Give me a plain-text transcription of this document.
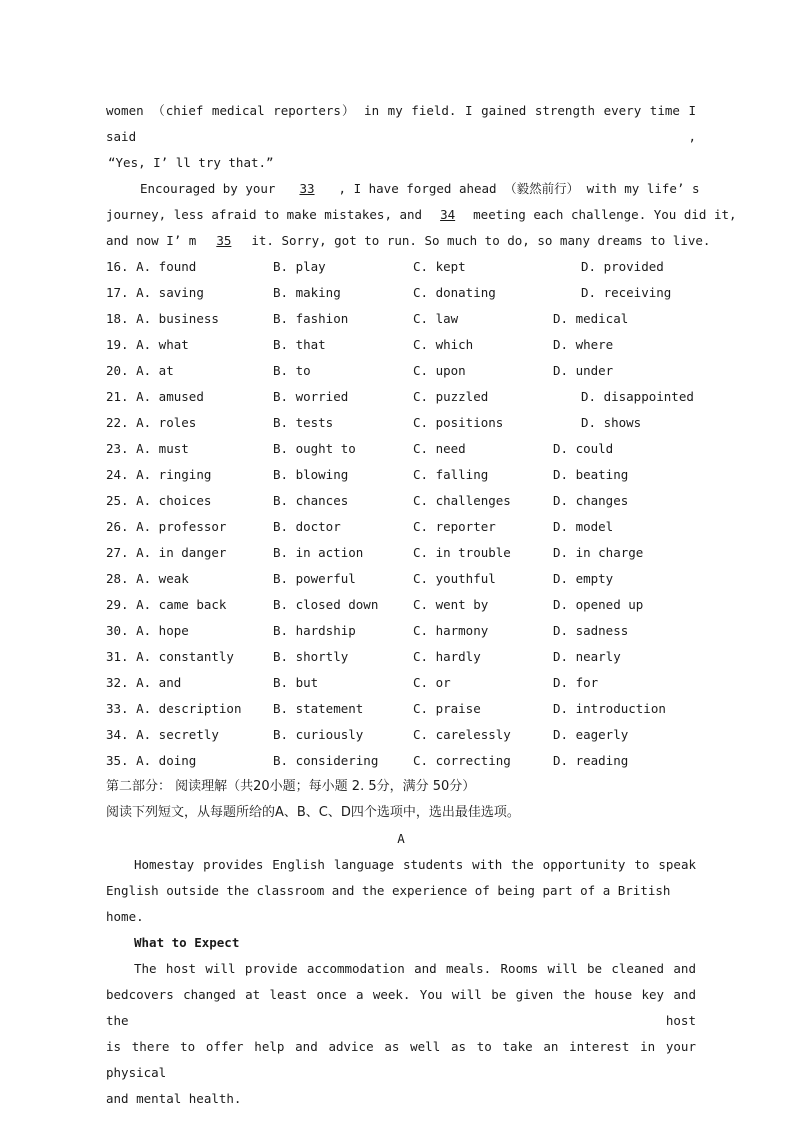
women （chief medical reporters） in my field. I gained strength every time I said ,
“Yes, I’ ll try that.”
Encouraged by your 33 , I have forged ahead （毅然前行） with my life’ s
journey, less afraid to make mistakes, and 34 meeting each challenge. You did it,
and now I’ m 35 it. Sorry, got to run. So much to do, so many dreams to live.
16. A. found	B. play	C. kept	D. provided
17. A. saving	B. making	C. donating	D. receiving
18. A. business	B. fashion	C. law	D. medical
19. A. what	B. that	C. which	D. where
20. A. at	B. to	C. upon	D. under
21. A. amused	B. worried	C. puzzled	D. disappointed
22. A. roles	B. tests	C. positions	D. shows
23. A. must	B. ought to	C. need	D. could
24. A. ringing	B. blowing	C. falling	D. beating
25. A. choices	B. chances	C. challenges	D. changes
26. A. professor	B. doctor	C. reporter	D. model
27. A. in danger	B. in action	C. in trouble	D. in charge
28. A. weak	B. powerful	C. youthful	D. empty
29. A. came back	B. closed down	C. went by	D. opened up
30. A. hope	B. hardship	C. harmony	D. sadness
31. A. constantly	B. shortly	C. hardly	D. nearly
32. A. and	B. but	C. or	D. for
33. A. description	B. statement	C. praise	D. introduction
34. A. secretly	B. curiously	C. carelessly	D. eagerly
35. A. doing	B. considering	C. correcting	D. reading
第二部分： 阅读理解（共20小题；每小题 2. 5分，满分 50分）
阅读下列短文，从每题所给的A、B、C、D四个选项中，选出最佳选项。
A
Homestay provides English language students with the opportunity to speak
English outside the classroom and the experience of being part of a British home.
What to Expect
The host will provide accommodation and meals. Rooms will be cleaned and
bedcovers changed at least once a week. You will be given the house key and the host
is there to offer help and advice as well as to take an interest in your physical
and mental health.
